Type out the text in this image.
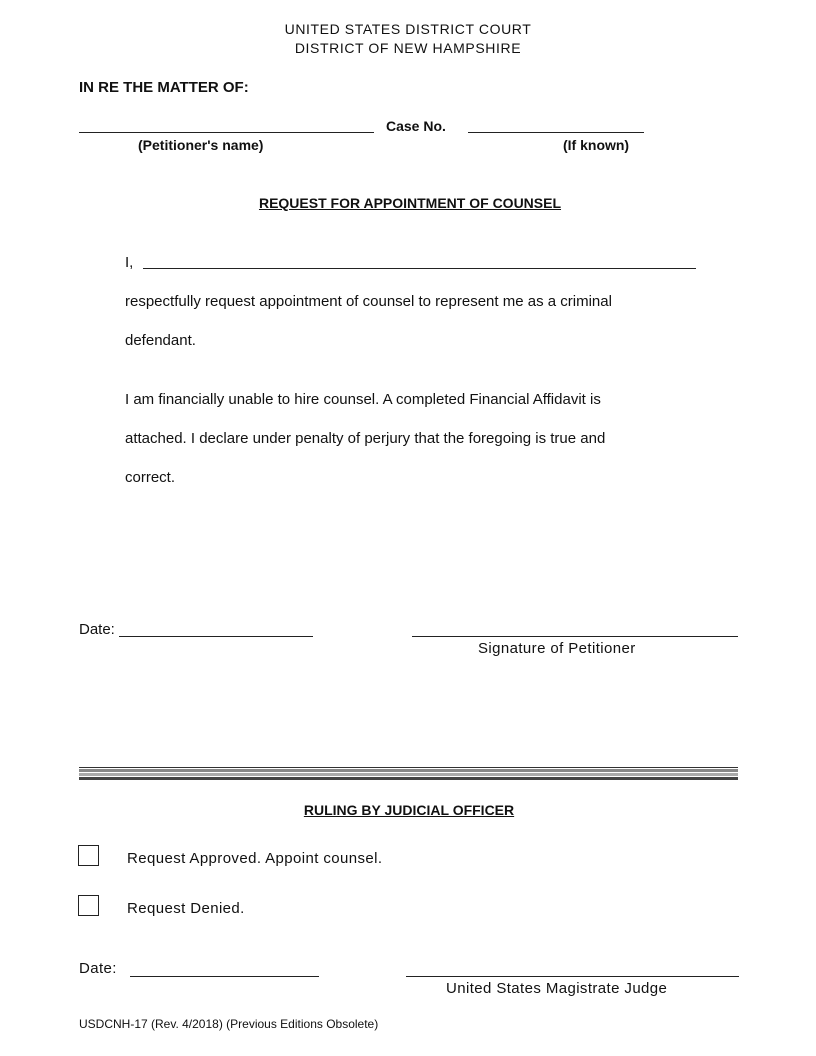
UNITED STATES DISTRICT COURT
DISTRICT OF NEW HAMPSHIRE
IN RE THE MATTER OF:
Case No.
(Petitioner's name)	(If known)
REQUEST FOR APPOINTMENT OF COUNSEL
I,
respectfully request appointment of counsel to represent me as a criminal
defendant.
I am financially unable to hire counsel. A completed Financial Affidavit is
attached. I declare under penalty of perjury that the foregoing is true and
correct.
Date:
Signature of Petitioner
RULING BY JUDICIAL OFFICER
Request Approved. Appoint counsel.
Request Denied.
Date:
United States Magistrate Judge
USDCNH-17 (Rev. 4/2018) (Previous Editions Obsolete)
